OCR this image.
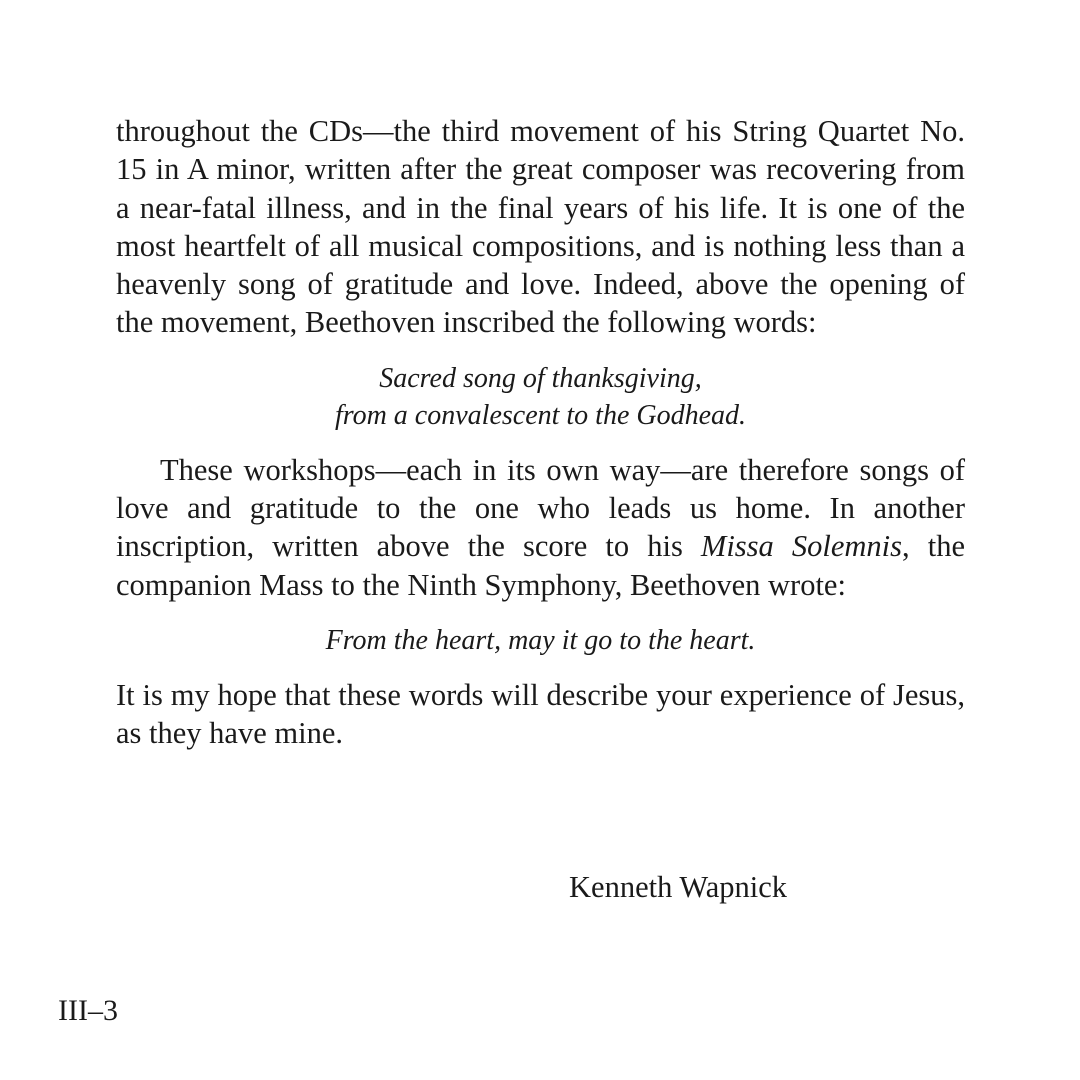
throughout the CDs—the third movement of his String Quartet No. 15 in A minor, written after the great composer was recovering from a near-fatal illness, and in the final years of his life. It is one of the most heartfelt of all musical compositions, and is nothing less than a heavenly song of gratitude and love. Indeed, above the opening of the movement, Beethoven inscribed the following words:

Sacred song of thanksgiving,
from a convalescent to the Godhead.

These workshops—each in its own way—are therefore songs of love and gratitude to the one who leads us home. In another inscription, written above the score to his Missa Solemnis, the companion Mass to the Ninth Symphony, Beethoven wrote:

From the heart, may it go to the heart.

It is my hope that these words will describe your experience of Jesus, as they have mine.

Kenneth Wapnick

III–3
